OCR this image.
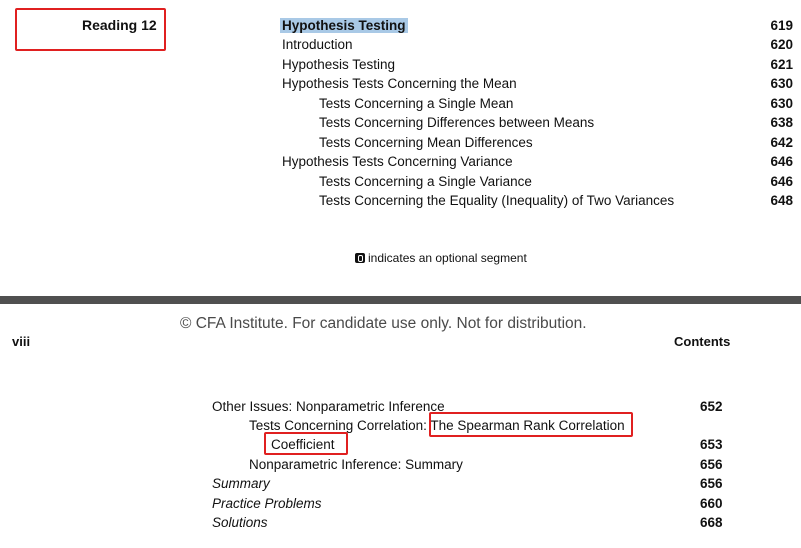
Reading 12	Hypothesis Testing	619
Introduction	620
Hypothesis Testing	621
Hypothesis Tests Concerning the Mean	630
Tests Concerning a Single Mean	630
Tests Concerning Differences between Means	638
Tests Concerning Mean Differences	642
Hypothesis Tests Concerning Variance	646
Tests Concerning a Single Variance	646
Tests Concerning the Equality (Inequality) of Two Variances	648
indicates an optional segment
© CFA Institute. For candidate use only. Not for distribution.
viii	Contents
Other Issues: Nonparametric Inference	652
Tests Concerning Correlation: The Spearman Rank Correlation
Coefficient	653
Nonparametric Inference: Summary	656
Summary	656
Practice Problems	660
Solutions	668
